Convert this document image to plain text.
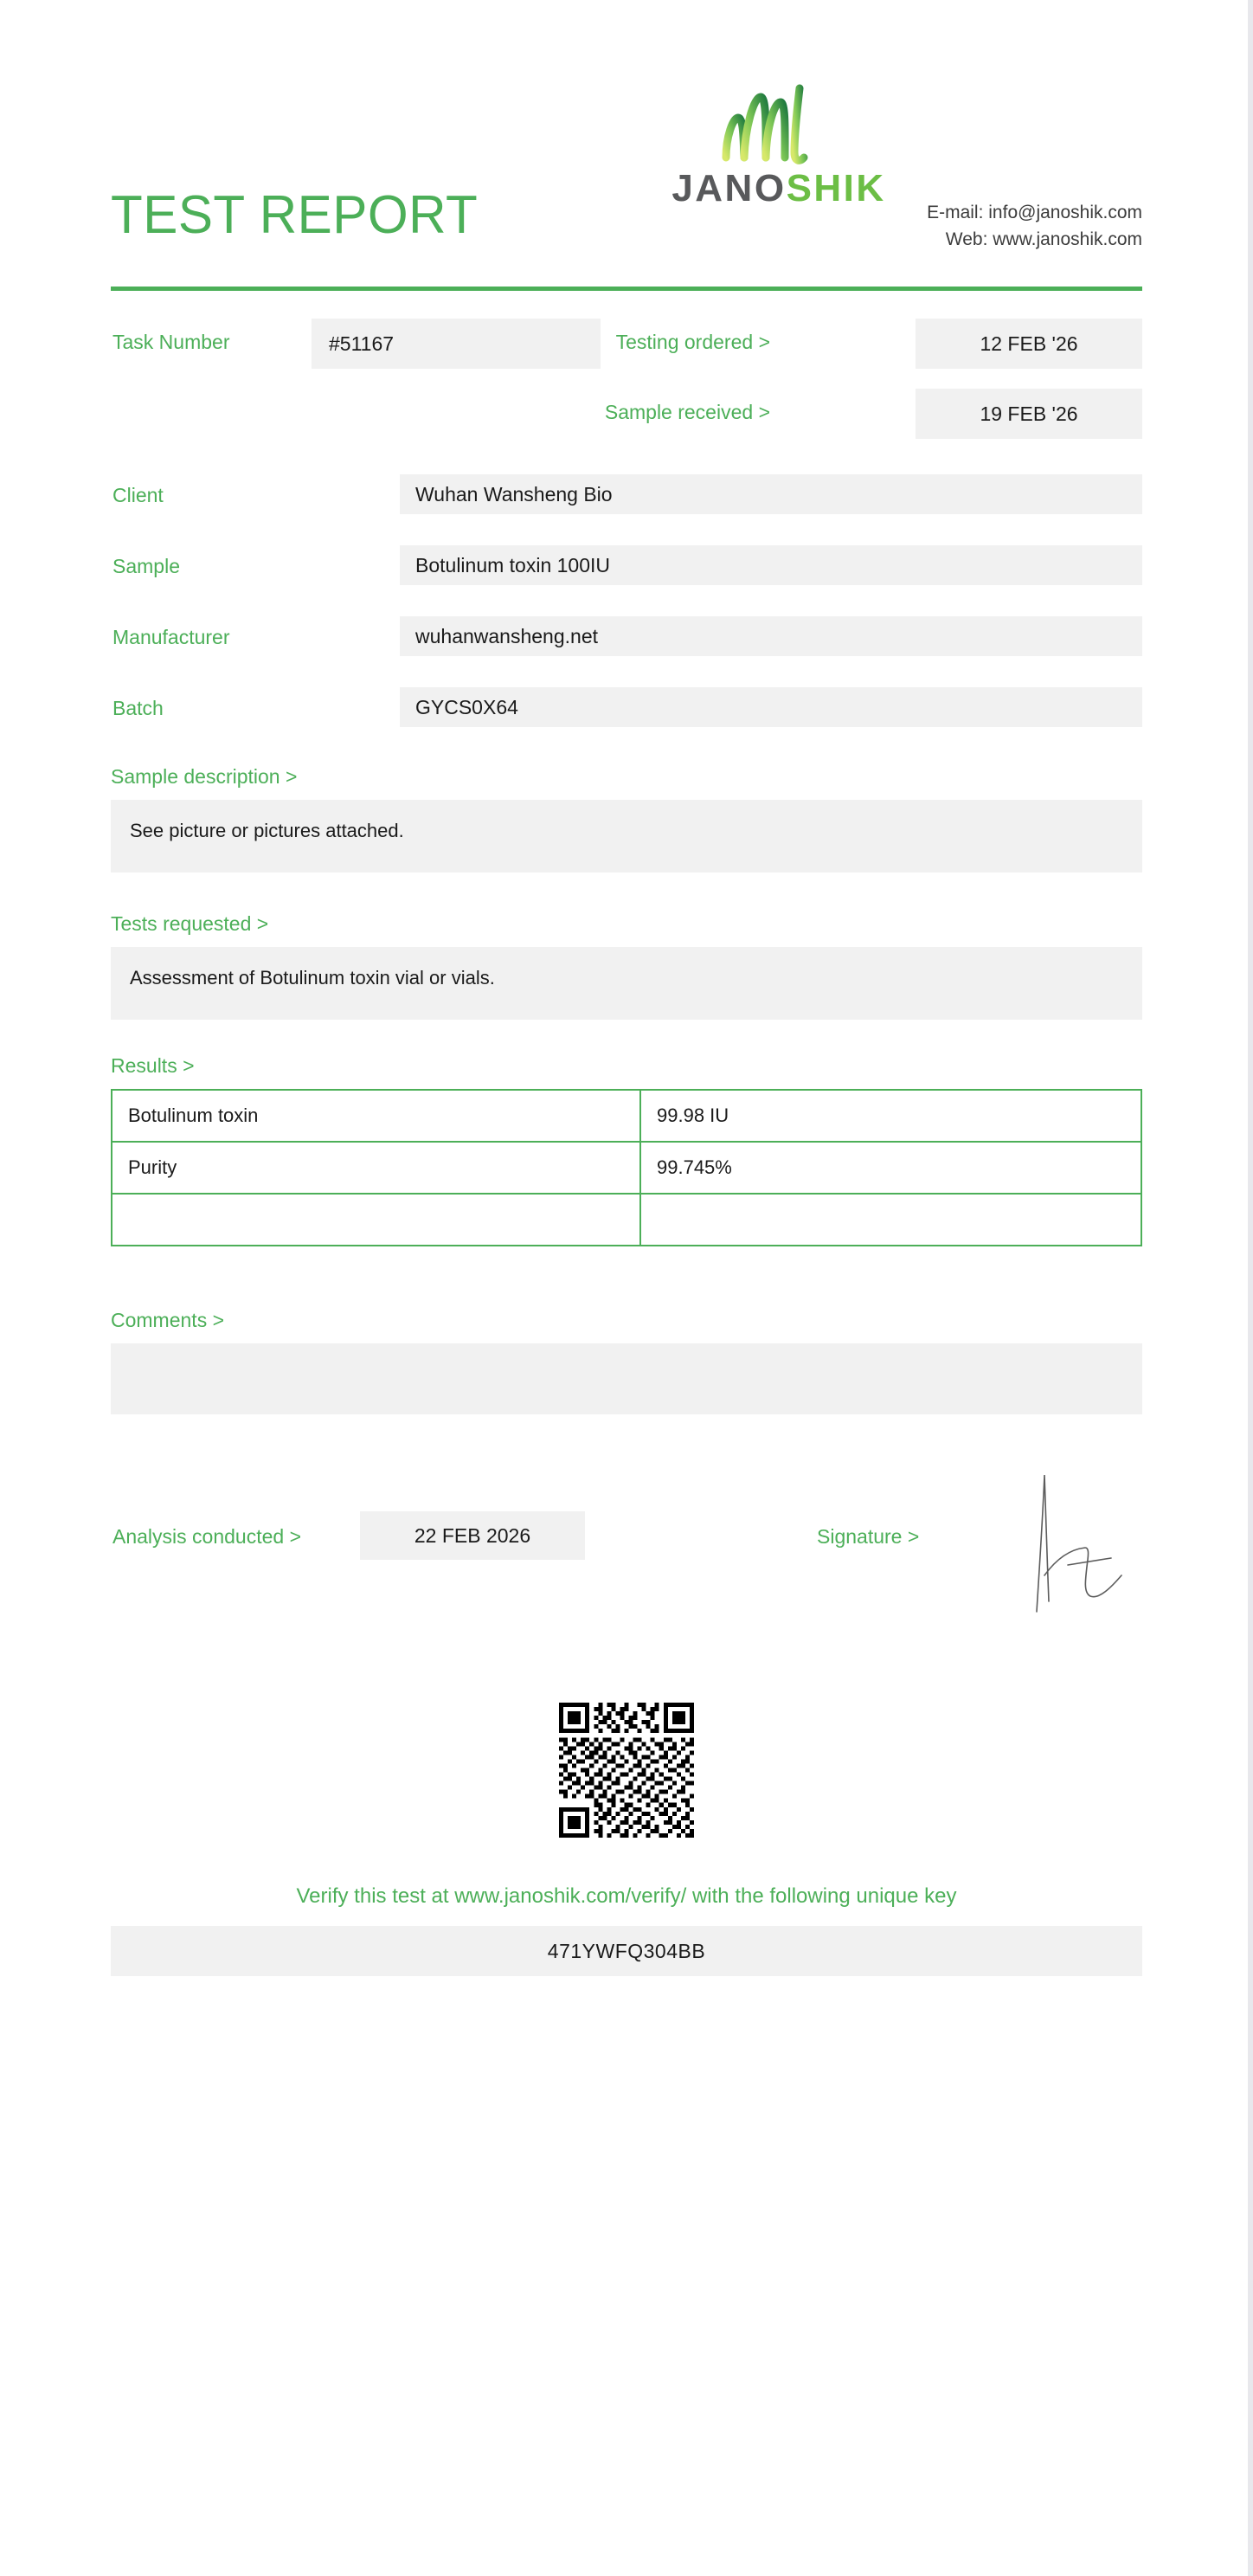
TEST REPORT	JANOSHIK
E-mail: info@janoshik.com
Web: www.janoshik.com
Task Number	#51167	Testing ordered >	12 FEB '26
Sample received >	19 FEB '26
Client	Wuhan Wansheng Bio
Sample	Botulinum toxin 100IU
Manufacturer	wuhanwansheng.net
Batch	GYCS0X64
Sample description >
See picture or pictures attached.
Tests requested >
Assessment of Botulinum toxin vial or vials.
Results >
Botulinum toxin	99.98 IU
Purity	99.745%

Comments >
Analysis conducted >	22 FEB 2026	Signature >
Verify this test at www.janoshik.com/verify/ with the following unique key
471YWFQ304BB
